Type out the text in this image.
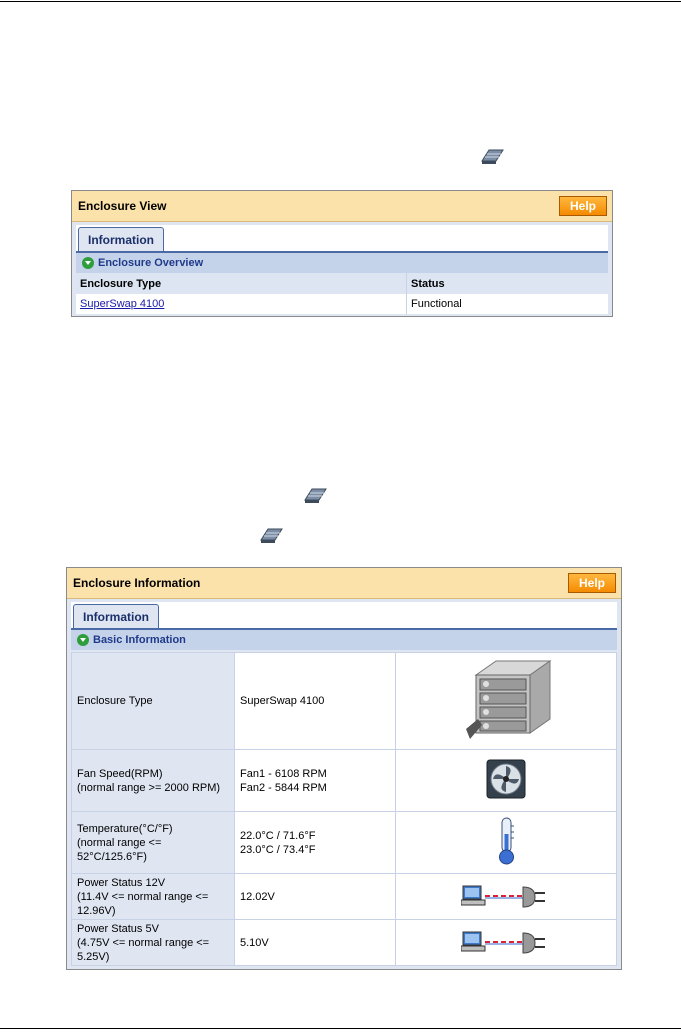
Enclosure View	Help
Information
Enclosure Overview
Enclosure Type	Status
SuperSwap 4100	Functional
Enclosure Information	Help
Information
Basic Information
Enclosure Type	SuperSwap 4100

Fan Speed(RPM)
(normal range >= 2000 RPM)	Fan1 - 6108 RPM
Fan2 - 5844 RPM

Temperature(°C/°F)
(normal range <= 52°C/125.6°F)	22.0°C / 71.6°F
23.0°C / 73.4°F

Power Status 12V
(11.4V <= normal range <=
12.96V)	12.02V

Power Status 5V
(4.75V <= normal range <=
5.25V)	5.10V
